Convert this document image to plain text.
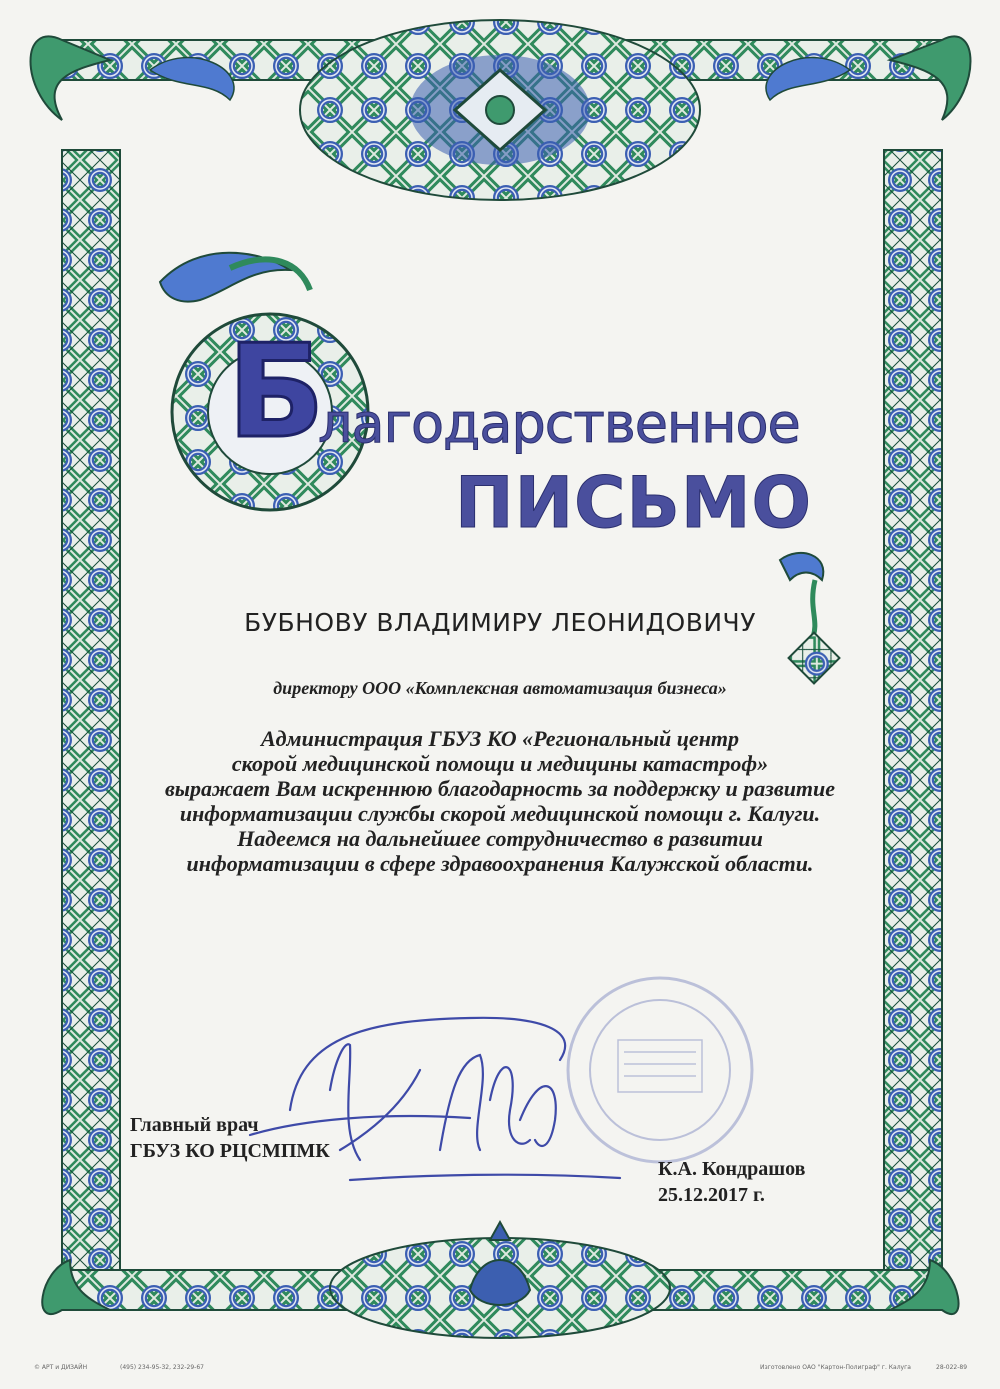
Б
лагодарственное
ПИСЬМО
БУБНОВУ ВЛАДИМИРУ ЛЕОНИДОВИЧУ
директору ООО «Комплексная автоматизация бизнеса»
Администрация ГБУЗ КО «Региональный центр
скорой медицинской помощи и медицины катастроф»
выражает Вам искреннюю благодарность за поддержку и развитие
информатизации службы скорой медицинской помощи г. Калуги.
Надеемся на дальнейшее сотрудничество в развитии
информатизации в сфере здравоохранения Калужской области.
Главный врач
ГБУЗ КО РЦСМПМК
К.А. Кондрашов
25.12.2017 г.
© АРТ и ДИЗАЙН	(495) 234-95-32, 232-29-67	Изготовлено ОАО "Картон-Полиграф" г. Калуга	28-022-89
